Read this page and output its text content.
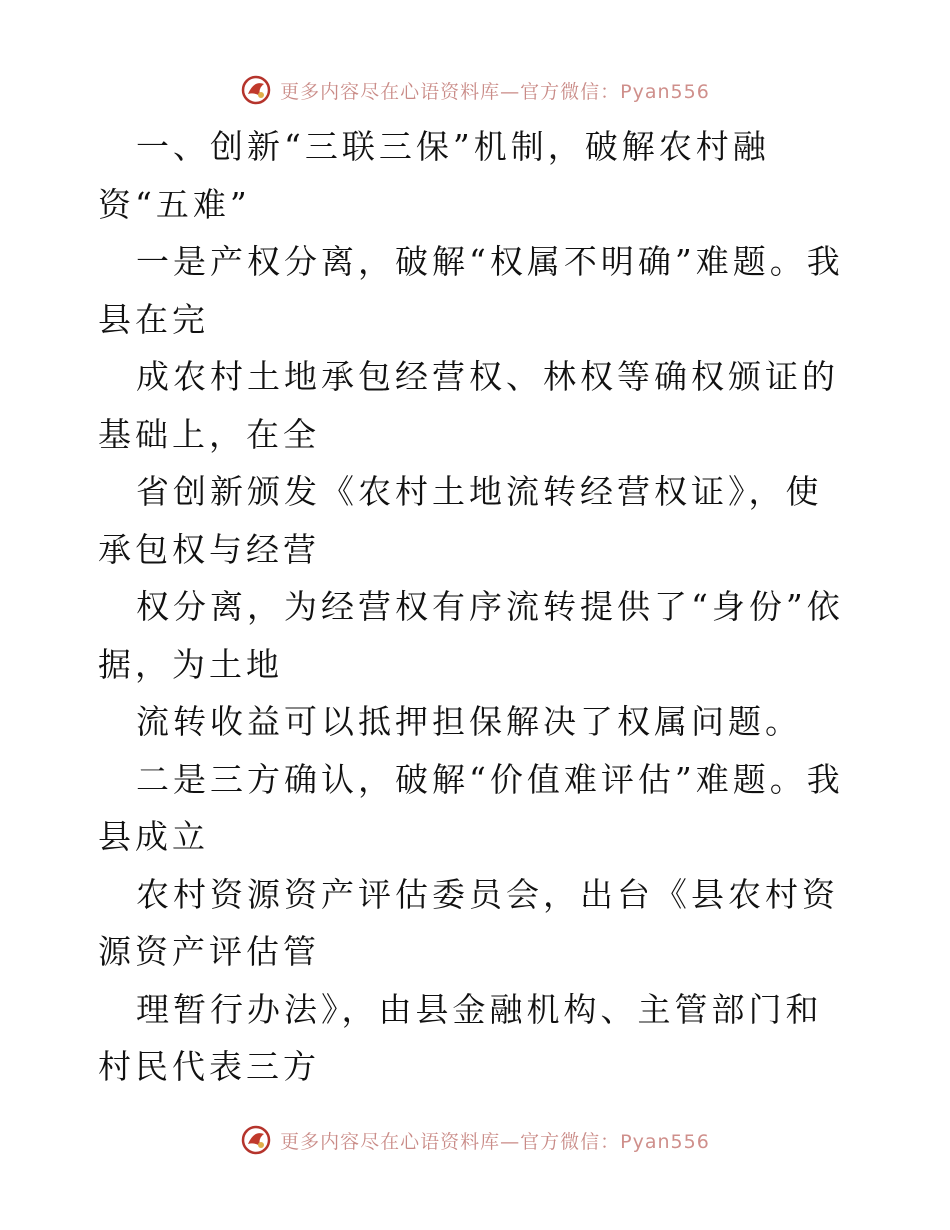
更多内容尽在心语资料库—官方微信：Pyan556

一、创新“三联三保”机制，破解农村融资“五难”

一是产权分离，破解“权属不明确”难题。我县在完

成农村土地承包经营权、林权等确权颁证的基础上，在全

省创新颁发《农村土地流转经营权证》，使承包权与经营

权分离，为经营权有序流转提供了“身份”依据，为土地

流转收益可以抵押担保解决了权属问题。

二是三方确认，破解“价值难评估”难题。我县成立

农村资源资产评估委员会，出台《县农村资源资产评估管

理暂行办法》，由县金融机构、主管部门和村民代表三方

更多内容尽在心语资料库—官方微信：Pyan556
